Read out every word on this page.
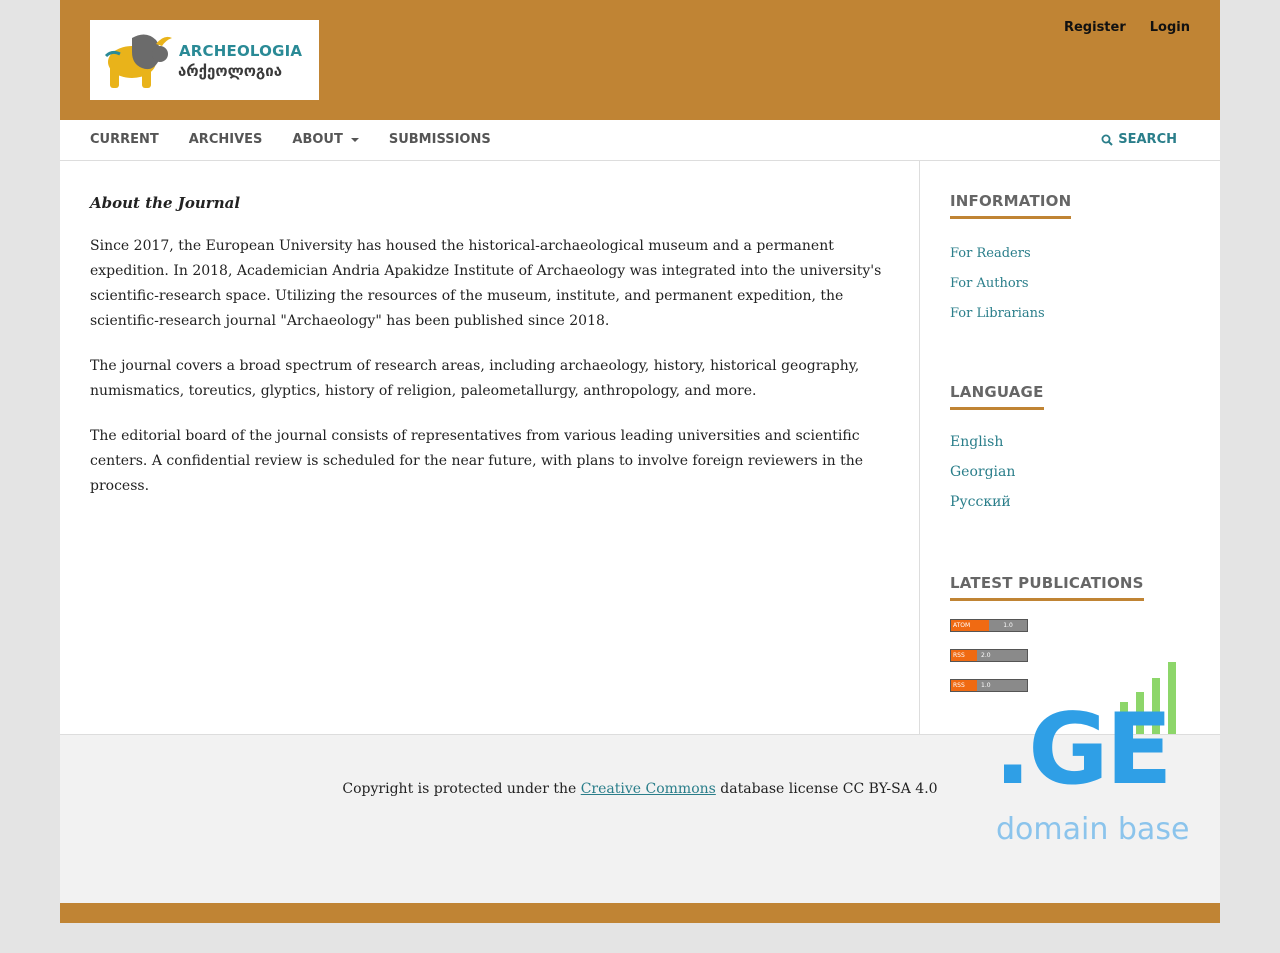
ARCHEOLOGIA
არქეოლოგია
Register Login
CURRENT ARCHIVES ABOUT	SUBMISSIONS	SEARCH
About the Journal

Since 2017, the European University has housed the historical-archaeological museum and a permanent expedition. In 2018, Academician Andria Apakidze Institute of Archaeology was integrated into the university's scientific-research space. Utilizing the resources of the museum, institute, and permanent expedition, the scientific-research journal "Archaeology" has been published since 2018.

The journal covers a broad spectrum of research areas, including archaeology, history, historical geography, numismatics, toreutics, glyptics, history of religion, paleometallurgy, anthropology, and more.

The editorial board of the journal consists of representatives from various leading universities and scientific centers. A confidential review is scheduled for the near future, with plans to involve foreign reviewers in the process.

INFORMATION
For Readers
For Authors
For Librarians
LANGUAGE
English
Georgian
Русский
LATEST PUBLICATIONS
ATOM	1.0
RSS	2.0
RSS	1.0
Copyright is protected under the Creative Commons database license CC BY-SA 4.0 .GE
domain base
